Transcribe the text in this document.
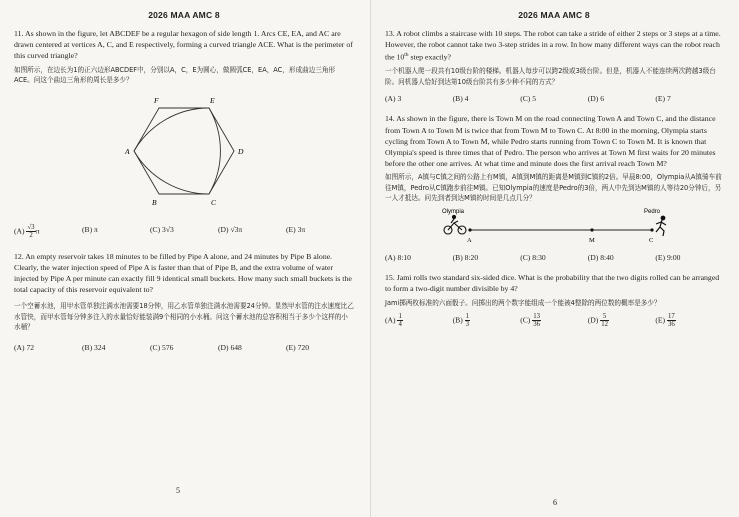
2026 MAA AMC 8

11. As shown in the figure, let ABCDEF be a regular hexagon of side length 1. Arcs CE, EA, and AC are drawn centered at vertices A, C, and E respectively, forming a curved triangle ACE. What is the perimeter of this curved triangle?

如图所示，在边长为1的正六边形ABCDEF中，分别以A，C，E为圆心，做圆弧CE，EA，AC，形成曲边三角形ACE。问这个曲边三角形的周长是多少？

F	E
A	D
B	C
$(A) \frac{√3}{2}$ π	(B) π	(C) 3√3	(D) √3π	(E) 3π

12. An empty reservoir takes 18 minutes to be filled by Pipe A alone, and 24 minutes by Pipe B alone. Clearly, the water injection speed of Pipe A is faster than that of Pipe B, and the extra volume of water injected by Pipe A per minute can exactly fill 9 identical small buckets. How many such small buckets is the total capacity of this reservoir equivalent to?

一个空蓄水池，用甲水管单独注满水池需要18分钟，用乙水管单独注满水池需要24分钟。显然甲水管的注水速度比乙水管快，而甲水管每分钟多注入的水量恰好能装满9个相同的小水桶。问这个蓄水池的总容积相当于多少个这样的小水桶？

(A) 72	(B) 324	(C) 576	(D) 648	(E) 720
5
2026 MAA AMC 8

13. A robot climbs a staircase with 10 steps. The robot can take a stride of either 2 steps or 3 steps at a time. However, the robot cannot take two 3-step strides in a row. In how many different ways can the robot reach the 10th step exactly?

一个机器人爬一段共有10级台阶的楼梯。机器人每步可以跨2级或3级台阶。但是，机器人不能连续两次跨越3级台阶。问机器人恰好到达第10级台阶共有多少种不同的方式？

(A) 3	(B) 4	(C) 5	(D) 6	(E) 7

14. As shown in the figure, there is Town M on the road connecting Town A and Town C, and the distance from Town A to Town M is twice that from Town M to Town C. At 8:00 in the morning, Olympia starts cycling from Town A to Town M, while Pedro starts running from Town C to Town M. It is known that Olympia's speed is three times that of Pedro. The person who arrives at Town M first waits for 20 minutes before the other one arrives. At what time and minute does the first arrival reach Town M?

如图所示，A镇与C镇之间的公路上有M镇，A镇到M镇的距离是M镇到C镇的2倍。早晨8:00，Olympia从A镇骑车前往M镇，Pedro从C镇跑步前往M镇。已知Olympia的速度是Pedro的3倍，两人中先到达M镇的人等待20分钟后，另一人才抵达。问先到者到达M镇的时间是几点几分？

Olympia	Pedro
A	M	C
(A) 8:10	(B) 8:20	(C) 8:30	(D) 8:40	(E) 9:00

15. Jami rolls two standard six-sided dice. What is the probability that the two digits rolled can be arranged to form a two-digit number divisible by 4?

Jami掷两枚标准的六面骰子。问掷出的两个数字能组成一个能被4整除的两位数的概率是多少？

$(A) \frac{1}{4}$	$(B) \frac{1}{3}$	$(C) \frac{13}{36}$	$(D) \frac{5}{12}$	$(E) \frac{17}{36}$
6
